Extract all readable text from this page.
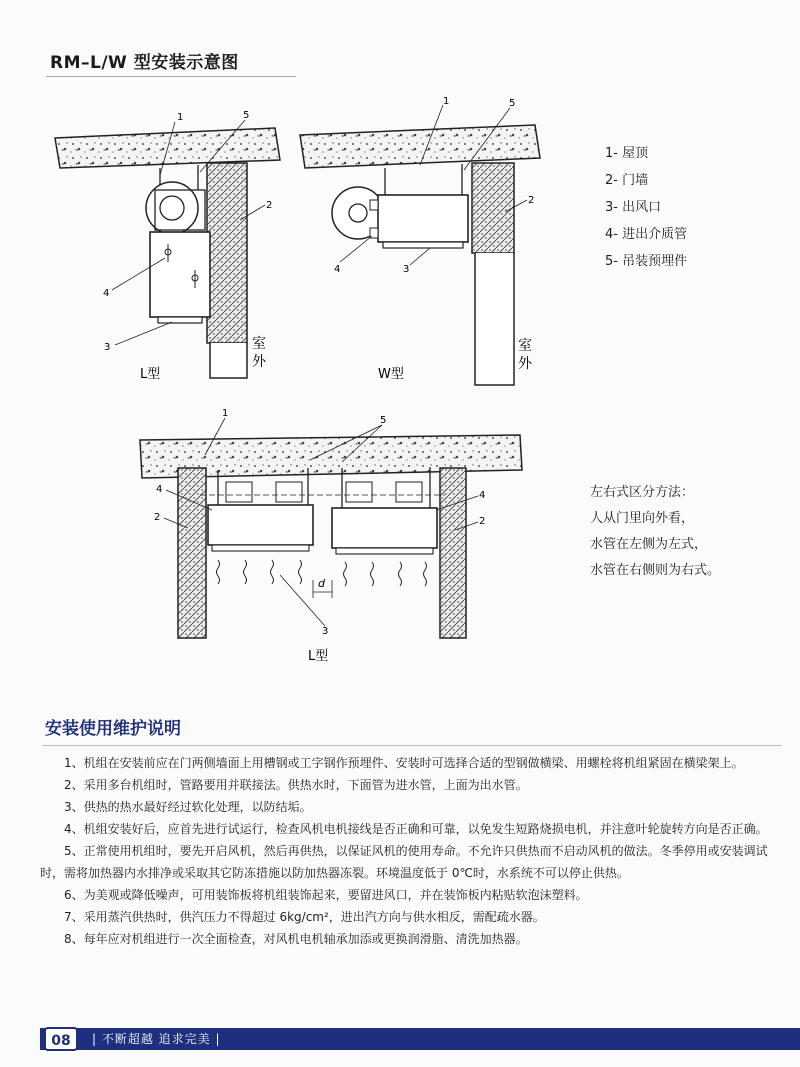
RM–L/W 型安装示意图
1	5
2
4
3	室
外
L型
1	5
2
4	3
室
外
W型
d
1
5
4
2
4
2
3
L型
1- 屋顶
2- 门墙
3- 出风口
4- 进出介质管
5- 吊装预埋件
左右式区分方法：
人从门里向外看，
水管在左侧为左式，
水管在右侧则为右式。
安装使用维护说明

1、机组在安装前应在门两侧墙面上用槽钢或工字钢作预埋件、安装时可选择合适的型钢做横梁、用螺栓将机组紧固在横梁架上。

2、采用多台机组时，管路要用并联接法。供热水时，下面管为进水管，上面为出水管。

3、供热的热水最好经过软化处理，以防结垢。

4、机组安装好后，应首先进行试运行，检查风机电机接线是否正确和可靠，以免发生短路烧损电机，并注意叶轮旋转方向是否正确。

5、正常使用机组时，要先开启风机，然后再供热，以保证风机的使用寿命。不允许只供热而不启动风机的做法。冬季停用或安装调试时，需将加热器内水排净或采取其它防冻措施以防加热器冻裂。环境温度低于 0℃时，水系统不可以停止供热。

6、为美观或降低噪声，可用装饰板将机组装饰起来，要留进风口，并在装饰板内粘贴软泡沫塑料。

7、采用蒸汽供热时，供汽压力不得超过 6kg/cm²，进出汽方向与供水相反，需配疏水器。

8、每年应对机组进行一次全面检查，对风机电机轴承加添或更换润滑脂、清洗加热器。

08	| 不断超越 追求完美 |
